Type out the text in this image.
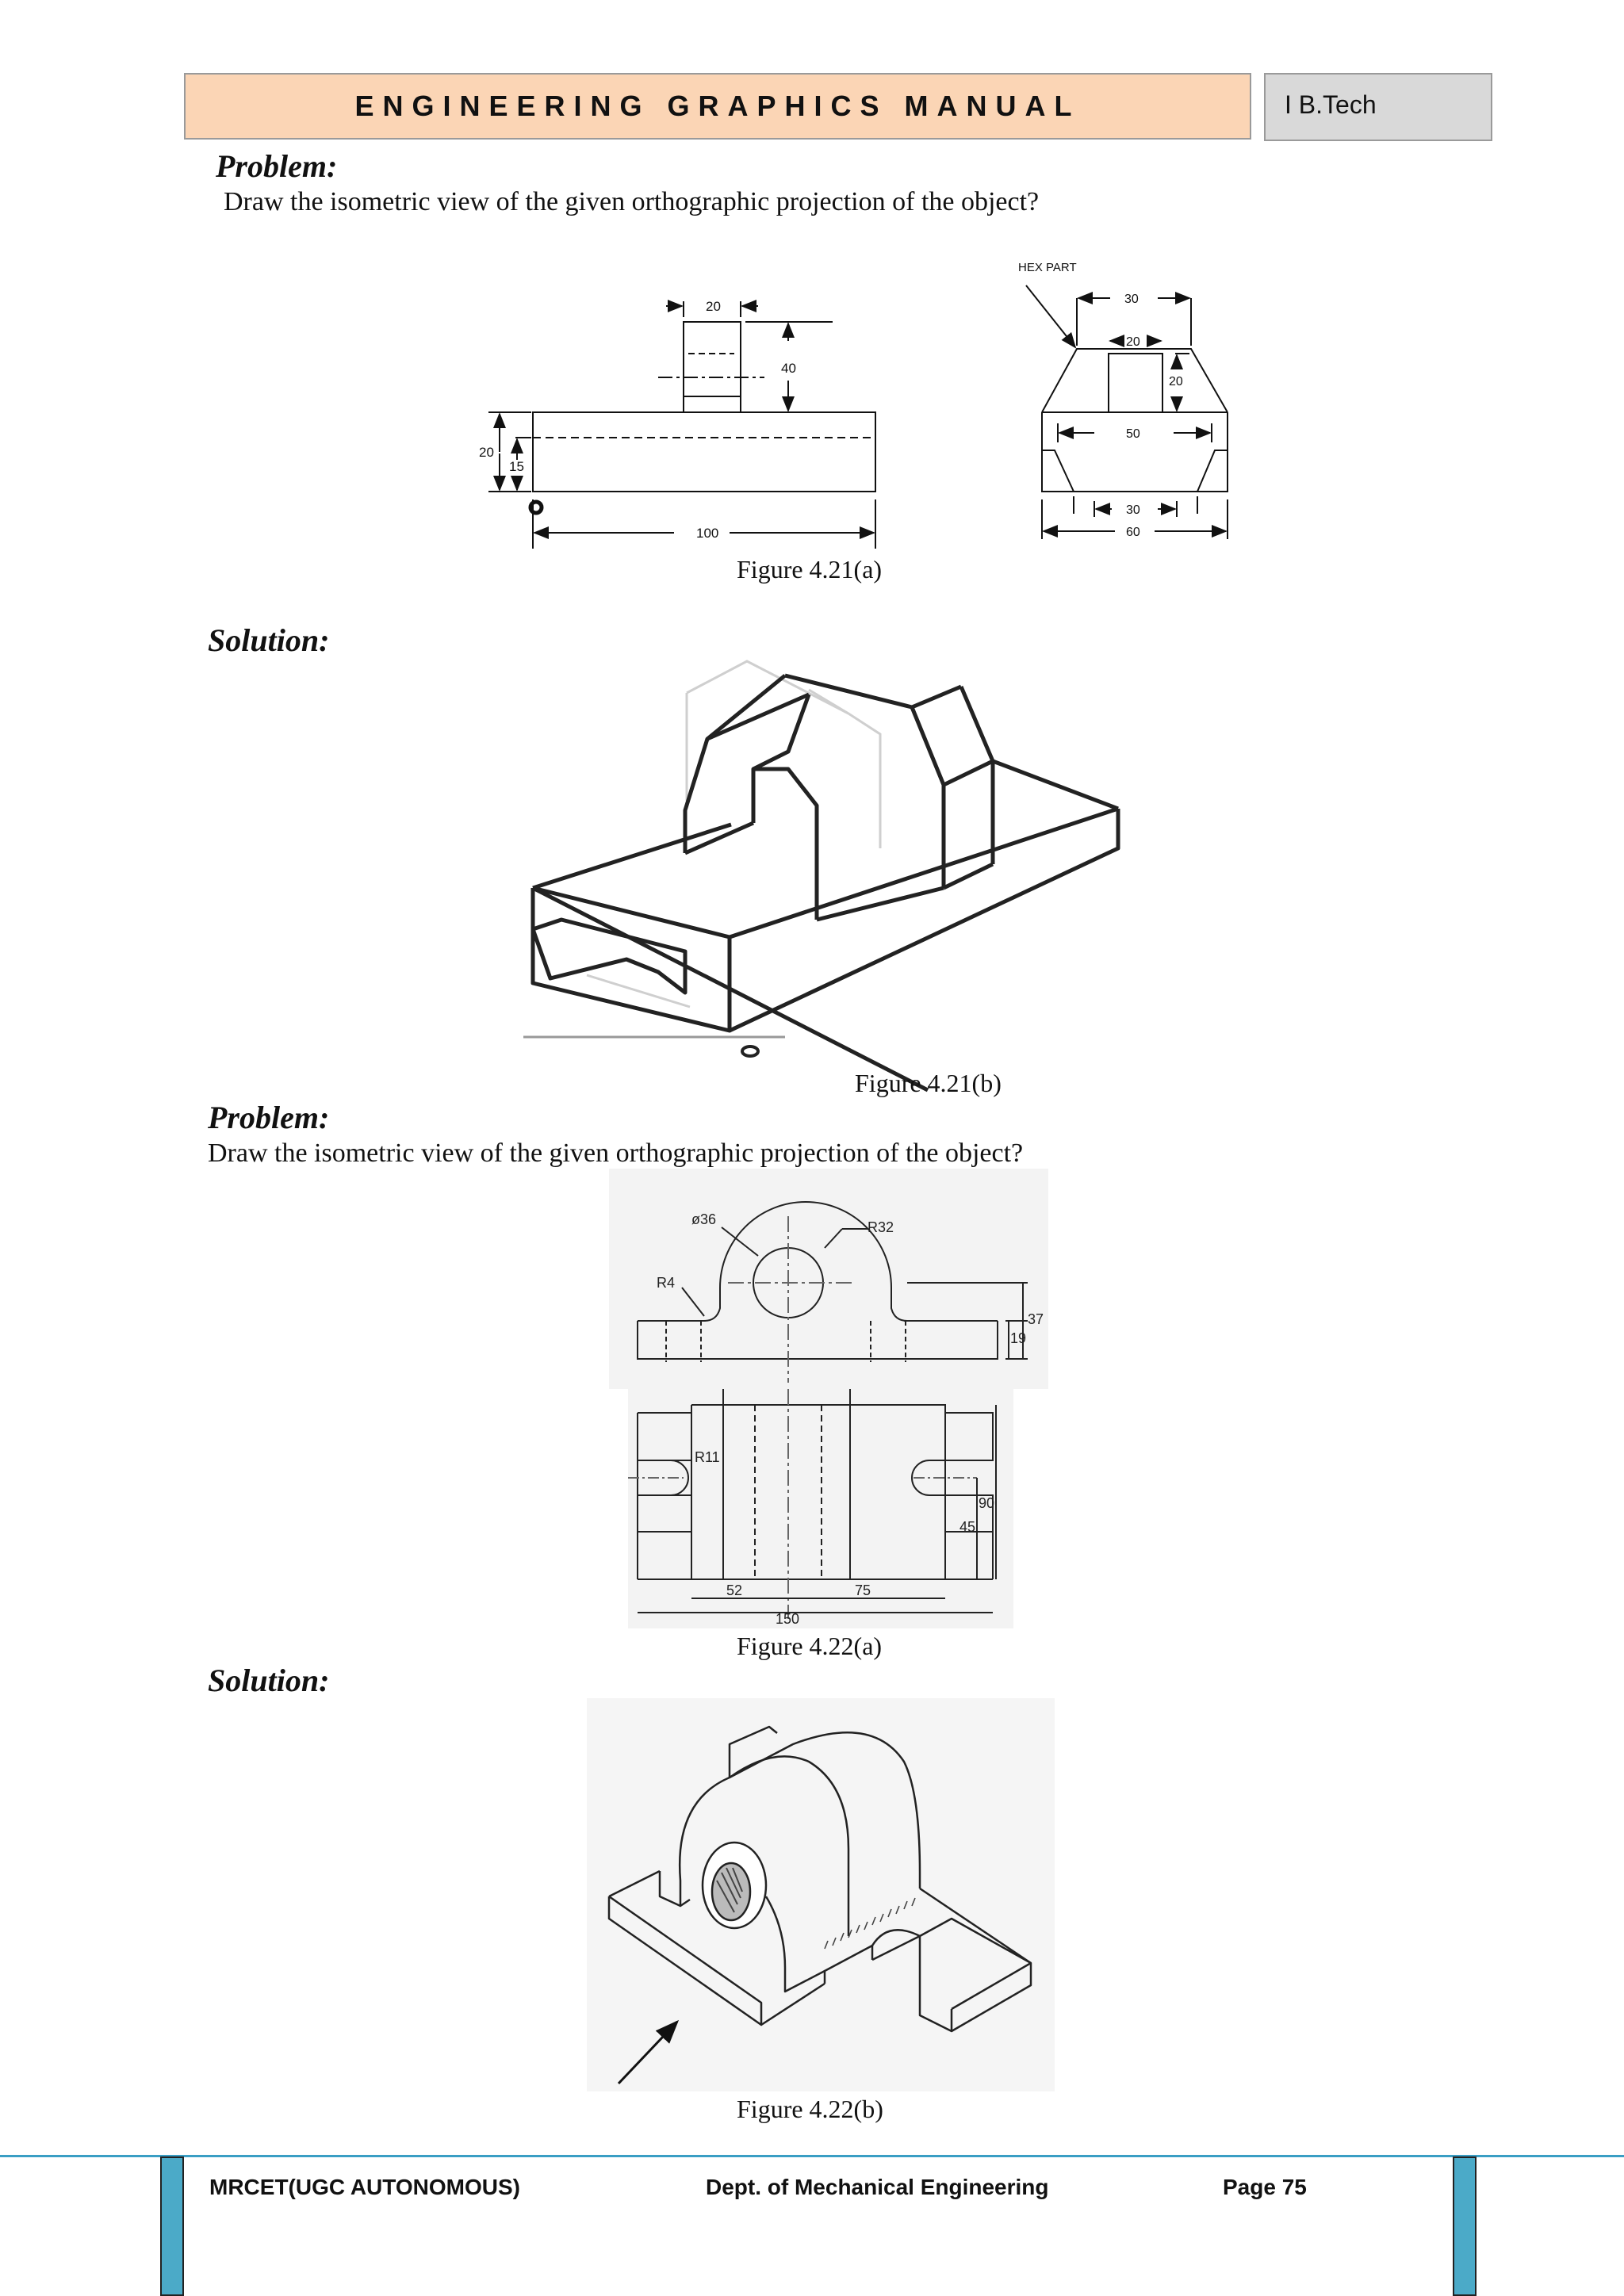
ENGINEERING GRAPHICS MANUAL	I B.Tech
Problem:
Draw the isometric view of the given orthographic projection of the object?
20
40
20
15
100
HEX PART
30
20
20
50
30
60
Figure 4.21(a)
Solution:
Figure 4.21(b)
Problem:
Draw the isometric view of the given orthographic projection of the object?
ø36	R32
R4
37
19
R11
90
45
52	75
150
Figure 4.22(a)
Solution:
Figure 4.22(b)
MRCET(UGC AUTONOMOUS)	Dept. of Mechanical Engineering	Page 75
